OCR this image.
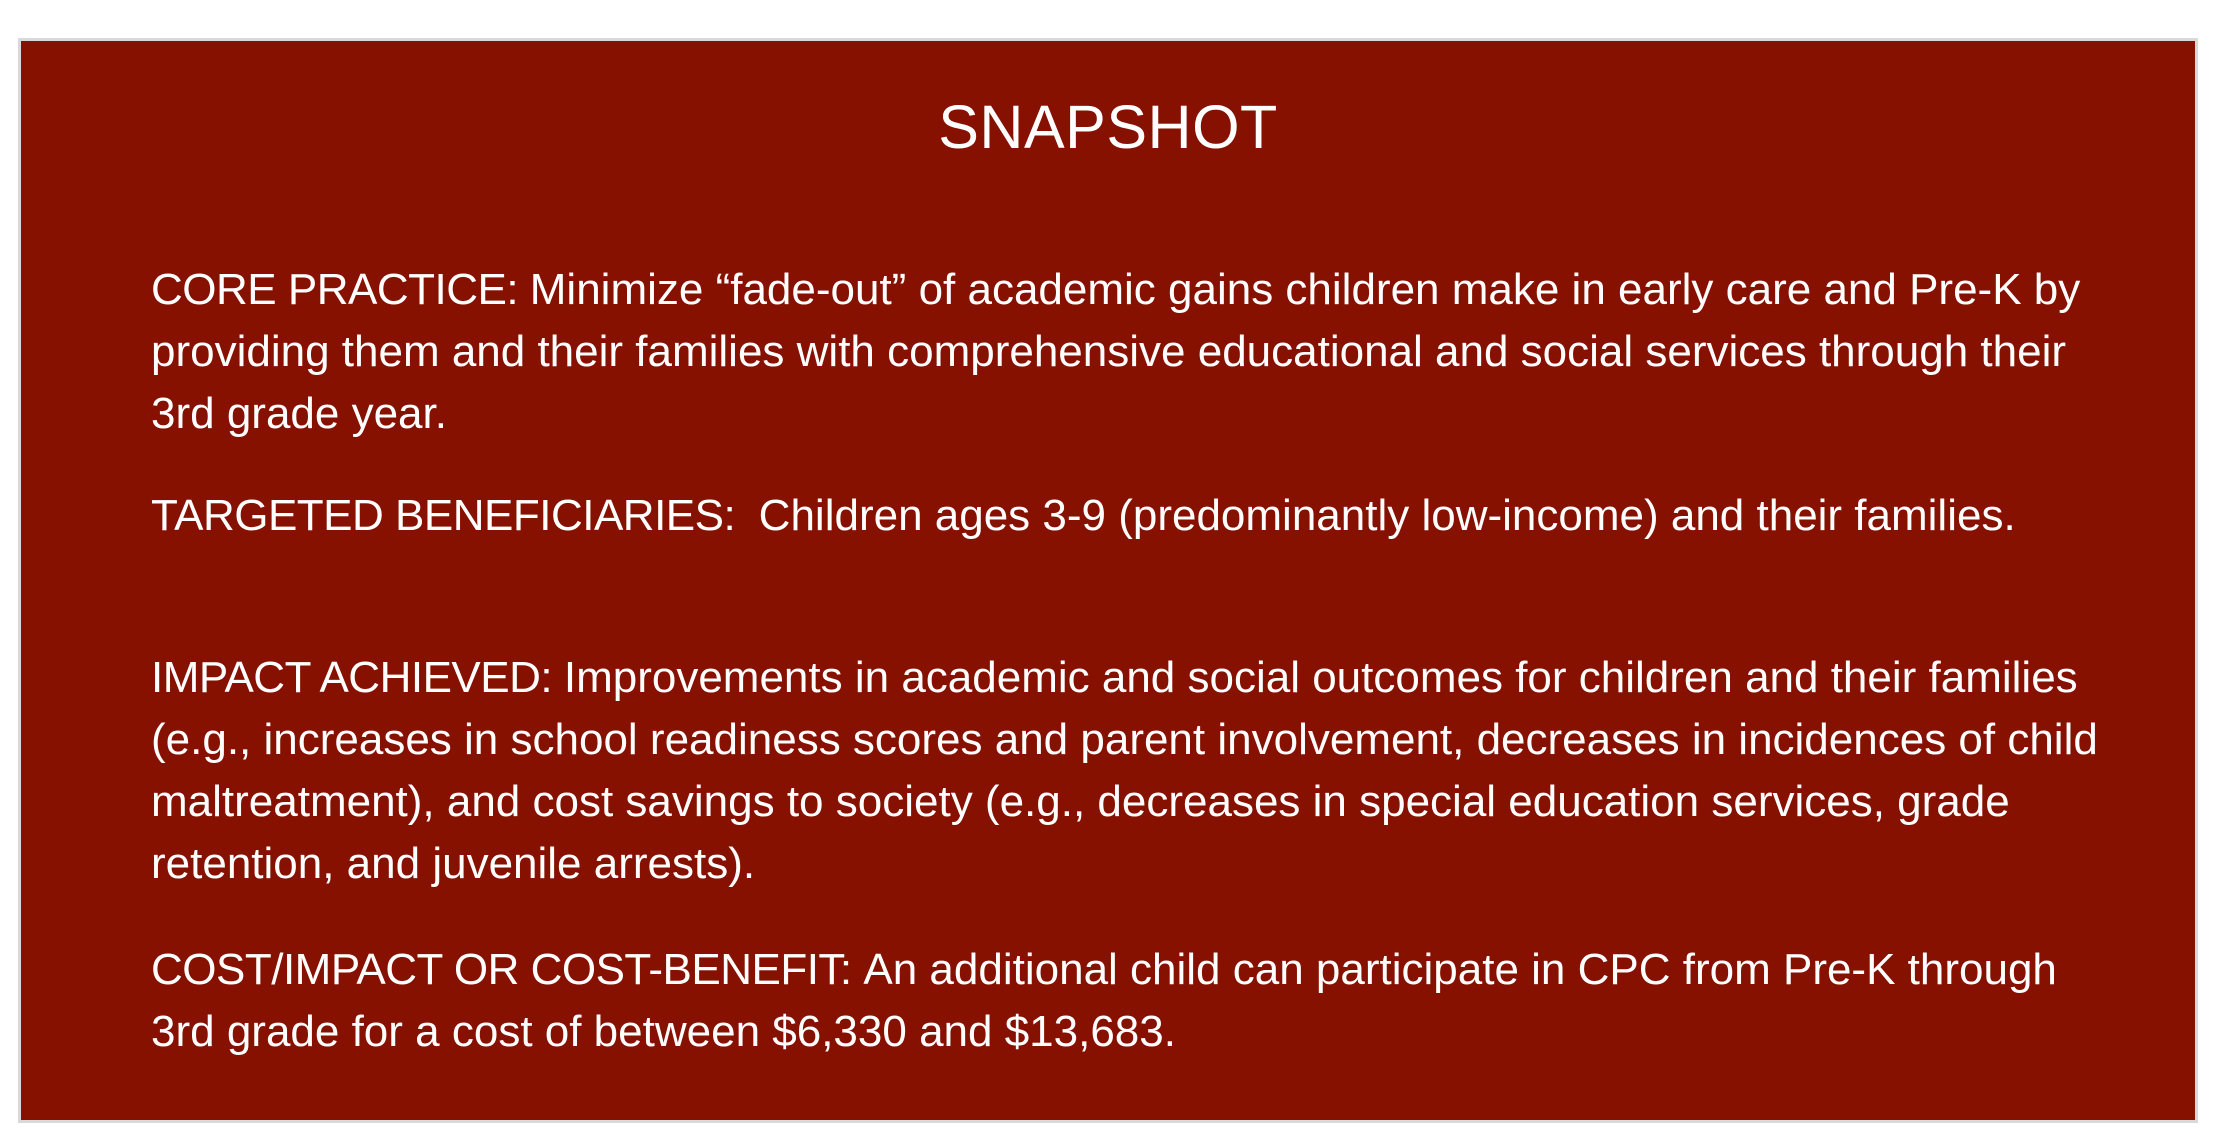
SNAPSHOT

CORE PRACTICE: Minimize “fade-out” of academic gains children make in early care and Pre-K by providing them and their families with comprehensive educational and social services through their 3rd grade year.

TARGETED BENEFICIARIES:  Children ages 3-9 (predominantly low-income) and their families.

IMPACT ACHIEVED: Improvements in academic and social outcomes for children and their families (e.g., increases in school readiness scores and parent involvement, decreases in incidences of child maltreatment), and cost savings to society (e.g., decreases in special education services, grade retention, and juvenile arrests).

COST/IMPACT OR COST-BENEFIT: An additional child can participate in CPC from Pre-K through 3rd grade for a cost of between $6,330 and $13,683.
